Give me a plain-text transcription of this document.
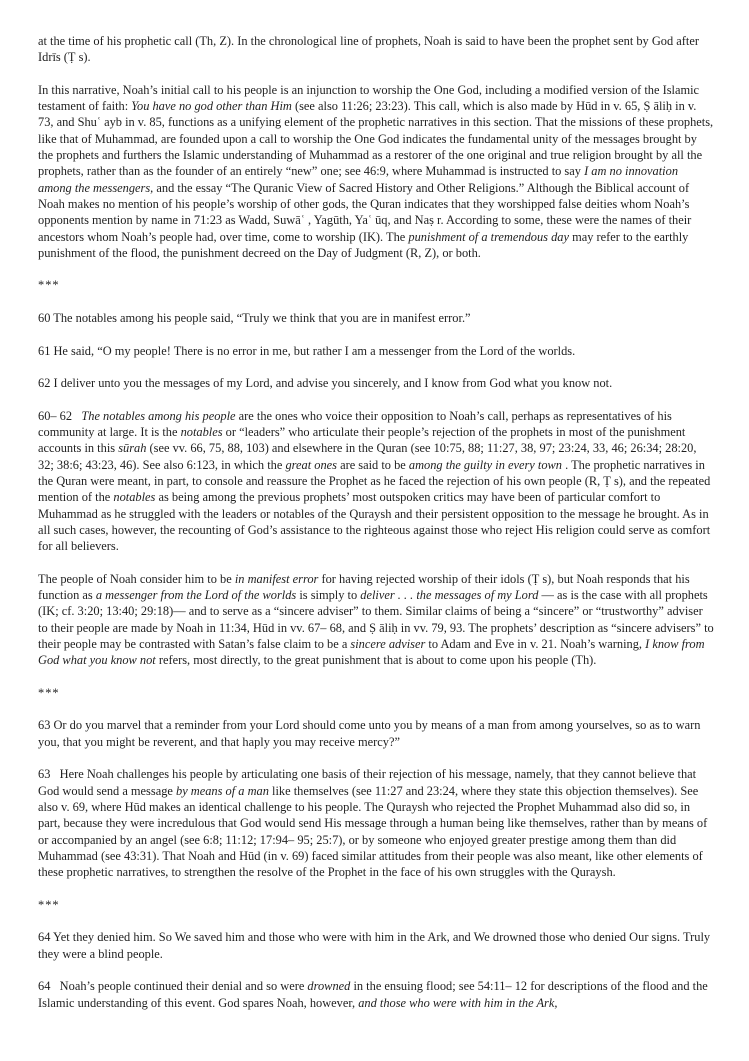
at the time of his prophetic call (Th, Z). In the chronological line of prophets, Noah is said to have been the prophet sent by God after Idrīs (Ṭ s).

In this narrative, Noah’s initial call to his people is an injunction to worship the One God, including a modified version of the Islamic testament of faith: You have no god other than Him (see also 11:26; 23:23). This call, which is also made by Hūd in v. 65, Ṣ āliḥ in v. 73, and Shuʿ ayb in v. 85, functions as a unifying element of the prophetic narratives in this section. That the missions of these prophets, like that of Muhammad, are founded upon a call to worship the One God indicates the fundamental unity of the messages brought by the prophets and furthers the Islamic understanding of Muhammad as a restorer of the one original and true religion brought by all the prophets, rather than as the founder of an entirely “new” one; see 46:9, where Muhammad is instructed to say I am no innovation among the messengers, and the essay “The Quranic View of Sacred History and Other Religions.” Although the Biblical account of Noah makes no mention of his people’s worship of other gods, the Quran indicates that they worshipped false deities whom Noah’s opponents mention by name in 71:23 as Wadd, Suwāʿ , Yagūth, Yaʿ ūq, and Naṣ r. According to some, these were the names of their ancestors whom Noah’s people had, over time, come to worship (IK). The punishment of a tremendous day may refer to the earthly punishment of the flood, the punishment decreed on the Day of Judgment (R, Z), or both.

***

60 The notables among his people said, “Truly we think that you are in manifest error.”

61 He said, “O my people! There is no error in me, but rather I am a messenger from the Lord of the worlds.

62 I deliver unto you the messages of my Lord, and advise you sincerely, and I know from God what you know not.

60– 62   The notables among his people are the ones who voice their opposition to Noah’s call, perhaps as representatives of his community at large. It is the notables or “leaders” who articulate their people’s rejection of the prophets in most of the punishment accounts in this sūrah (see vv. 66, 75, 88, 103) and elsewhere in the Quran (see 10:75, 88; 11:27, 38, 97; 23:24, 33, 46; 26:34; 28:20, 32; 38:6; 43:23, 46). See also 6:123, in which the great ones are said to be among the guilty in every town . The prophetic narratives in the Quran were meant, in part, to console and reassure the Prophet as he faced the rejection of his own people (R, Ṭ s), and the repeated mention of the notables as being among the previous prophets’ most outspoken critics may have been of particular comfort to Muhammad as he struggled with the leaders or notables of the Quraysh and their persistent opposition to the message he brought. As in all such cases, however, the recounting of God’s assistance to the righteous against those who reject His religion could serve as comfort for all believers.

The people of Noah consider him to be in manifest error for having rejected worship of their idols (Ṭ s), but Noah responds that his function as a messenger from the Lord of the worlds is simply to deliver . . . the messages of my Lord — as is the case with all prophets (IK; cf. 3:20; 13:40; 29:18)— and to serve as a “sincere adviser” to them. Similar claims of being a “sincere” or “trustworthy” adviser to their people are made by Noah in 11:34, Hūd in vv. 67– 68, and Ṣ āliḥ in vv. 79, 93. The prophets’ description as “sincere advisers” to their people may be contrasted with Satan’s false claim to be a sincere adviser to Adam and Eve in v. 21. Noah’s warning, I know from God what you know not refers, most directly, to the great punishment that is about to come upon his people (Th).

***

63 Or do you marvel that a reminder from your Lord should come unto you by means of a man from among yourselves, so as to warn you, that you might be reverent, and that haply you may receive mercy?”

63   Here Noah challenges his people by articulating one basis of their rejection of his message, namely, that they cannot believe that God would send a message by means of a man like themselves (see 11:27 and 23:24, where they state this objection themselves). See also v. 69, where Hūd makes an identical challenge to his people. The Quraysh who rejected the Prophet Muhammad also did so, in part, because they were incredulous that God would send His message through a human being like themselves, rather than by means of or accompanied by an angel (see 6:8; 11:12; 17:94– 95; 25:7), or by someone who enjoyed greater prestige among them than did Muhammad (see 43:31). That Noah and Hūd (in v. 69) faced similar attitudes from their people was also meant, like other elements of these prophetic narratives, to strengthen the resolve of the Prophet in the face of his own struggles with the Quraysh.

***

64 Yet they denied him. So We saved him and those who were with him in the Ark, and We drowned those who denied Our signs. Truly they were a blind people.

64   Noah’s people continued their denial and so were drowned in the ensuing flood; see 54:11– 12 for descriptions of the flood and the Islamic understanding of this event. God spares Noah, however, and those who were with him in the Ark,
